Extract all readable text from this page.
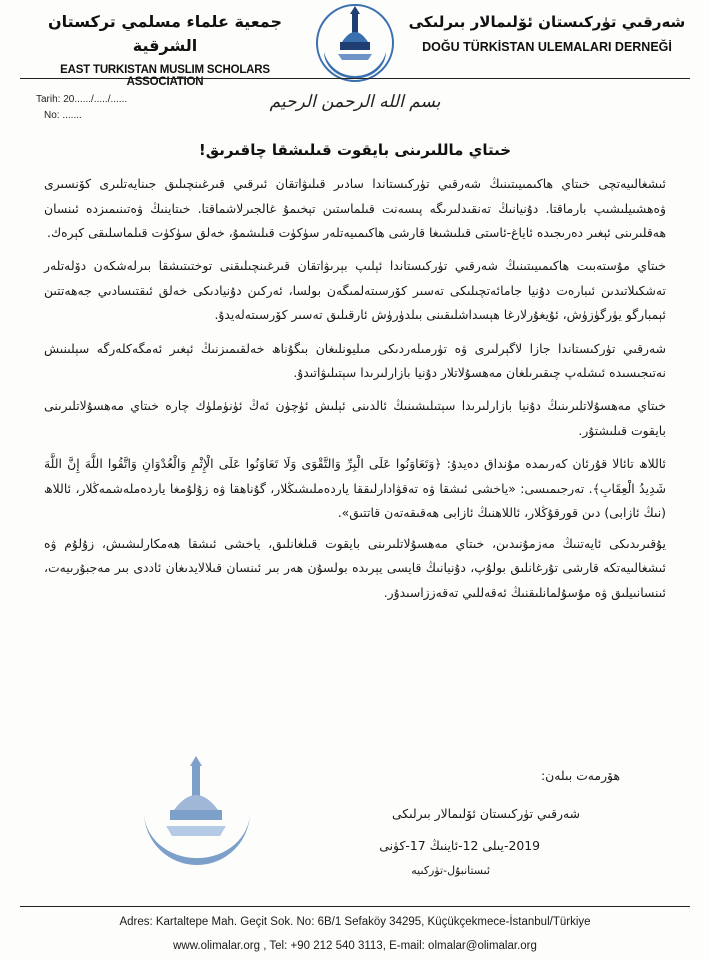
جمعية علماء مسلمي تركستان الشرقية
EAST TURKISTAN MUSLIM SCHOLARS ASSOCIATION
شەرقىي تۈركىستان ئۆلىمالار بىرلىكى
DOĞU TÜRKİSTAN ULEMALARI DERNEĞİ
Tarih: 20....../...../......
No: .......
بسم الله الرحمن الرحيم
خىتاي ماللىرىنى بايقوت قىلىشقا چاقىرىق!

ئىشغالىيەتچى خىتاي ھاكىمىيىتىنىڭ شەرقىي تۈركىستاندا سادىر قىلىۋاتقان ئىرقىي قىرغىنچىلىق جىنايەتلىرى كۆنسىرى ۋەھشىيلىشىپ بارماقتا. دۇنيانىڭ تەنقىدلىرىگە پىسەنت قىلماستىن تېخىمۇ غالجىرلاشماقتا. خىتاينىڭ ۋەتىنىمىزدە ئىنسان ھەقلىرىنى ئېغىر دەرىجىدە ئاياغ-ئاستى قىلىشىغا قارشى ھاكىمىيەتلەر سۈكۈت قىلىشمۇ، خەلق سۈكۈت قىلماسلىقى كېرەك.

خىتاي مۇستەبىت ھاكىمىيىتىنىڭ شەرقىي تۈركىستاندا ئېلىپ بېرىۋاتقان قىرغىنچىلىقنى توختىتىشقا بىرلەشكەن دۆلەتلەر تەشكىلاتىدىن ئىبارەت دۇنيا جامائەتچىلىكى تەسىر كۆرسىتەلمىگەن بولسا، ئەركىن دۇنيادىكى خەلق ئىقتىسادىي جەھەتتىن ئېمبارگو يۈرگۈزۈش، ئۇيغۇرلارغا ھېسداشلىقىنى بىلدۈرۈش ئارقىلىق تەسىر كۆرسىتەلەيدۇ.

شەرقىي تۈركىستاندا جازا لاگېرلىرى ۋە تۈرمىلەردىكى مىليونلىغان بىگۇناھ خەلقىمىزنىڭ ئېغىر ئەمگەكلەرگە سېلىنىش نەتىجىسىدە ئىشلەپ چىقىرىلغان مەھسۇلاتلار دۇنيا بازارلىرىدا سېتىلىۋاتىدۇ.

خىتاي مەھسۇلاتلىرىنىڭ دۇنيا بازارلىرىدا سېتىلىشىنىڭ ئالدىنى ئېلىش ئۈچۈن ئەڭ ئۈنۈملۈك چارە خىتاي مەھسۇلاتلىرىنى بايقوت قىلىشتۇر.

ئاللاھ تائالا قۇرئان كەرىمدە مۇنداق دەيدۇ: ﴿وَتَعَاوَنُوا عَلَى الْبِرِّ وَالتَّقْوَى وَلَا تَعَاوَنُوا عَلَى الْإِثْمِ وَالْعُدْوَانِ وَاتَّقُوا اللَّهَ إِنَّ اللَّهَ شَدِيدُ الْعِقَابِ﴾. تەرجىمىسى: «ياخشى ئىشقا ۋە تەقۋادارلىققا ياردەملىشىڭلار، گۇناھقا ۋە زۇلۇمغا ياردەملەشمەڭلار، ئاللاھ (نىڭ ئازابى) دىن قورقۇڭلار، ئاللاھنىڭ ئازابى ھەقىقەتەن قاتتىق».

يۇقىرىدىكى ئايەتنىڭ مەزمۇنىدىن، خىتاي مەھسۇلاتلىرىنى بايقوت قىلغانلىق، ياخشى ئىشقا ھەمكارلىشىش، زۇلۇم ۋە ئىشغالىيەتكە قارشى تۇرغانلىق بولۇپ، دۇنيانىڭ قايسى يېرىدە بولسۇن ھەر بىر ئىنسان قىلالايدىغان ئاددى بىر مەجبۇرىيەت، ئىنسانىيلىق ۋە مۇسۇلمانلىقنىڭ ئەقەللىي تەقەززاسىدۇر.

ھۆرمەت بىلەن:
شەرقىي تۈركىستان ئۆلىمالار بىرلىكى
2019-يىلى 12-ئاينىڭ 17-كۈنى
ئىستانبۇل-تۈركىيە
Adres: Kartaltepe Mah. Geçit Sok. No: 6B/1 Sefaköy 34295, Küçükçekmece-İstanbul/Türkiye
www.olimalar.org , Tel: +90 212 540 3113, E-mail: olmalar@olimalar.org
